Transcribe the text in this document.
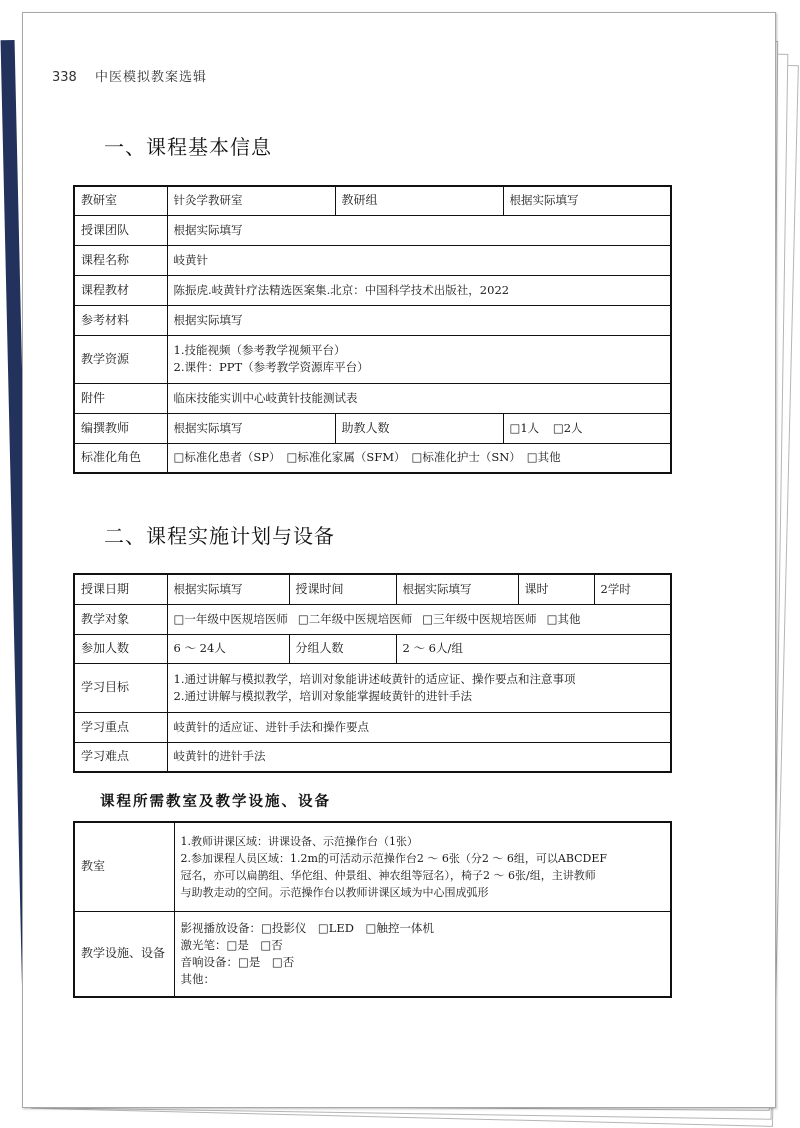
338 中医模拟教案选辑
一、课程基本信息
教研室	针灸学教研室	教研组	根据实际填写
授课团队	根据实际填写		
课程名称	岐黄针		
课程教材	陈振虎.岐黄针疗法精选医案集.北京：中国科学技术出版社，2022		
参考材料	根据实际填写		
教学资源	1.技能视频（参考教学视频平台）
2.课件：PPT（参考教学资源库平台）		

附件	临床技能实训中心岐黄针技能测试表		
编撰教师	根据实际填写	助教人数	□1人 □2人
标准化角色	□标准化患者（SP） □标准化家属（SFM） □标准化护士（SN） □其他		
二、课程实施计划与设备
授课日期	根据实际填写	授课时间	根据实际填写	课时	2学时
教学对象	□一年级中医规培医师 □二年级中医规培医师 □三年级中医规培医师 □其他				
参加人数	6 ～ 24人	分组人数	2 ～ 6人/组		
学习目标	1.通过讲解与模拟教学，培训对象能讲述岐黄针的适应证、操作要点和注意事项
2.通过讲解与模拟教学，培训对象能掌握岐黄针的进针手法				

学习重点	岐黄针的适应证、进针手法和操作要点				
学习难点	岐黄针的进针手法				
课程所需教室及教学设施、设备
教室	1.教师讲课区域：讲课设备、示范操作台（1张）
2.参加课程人员区域：1.2m的可活动示范操作台2 ～ 6张（分2 ～ 6组，可以ABCDEF
冠名，亦可以扁鹊组、华佗组、仲景组、神农组等冠名），椅子2 ～ 6张/组，主讲教师
与助教走动的空间。示范操作台以教师讲课区域为中心围成弧形

教学设施、设备	影视播放设备：□投影仪　□LED　□触控一体机
激光笔：□是　□否
音响设备：□是　□否
其他：
